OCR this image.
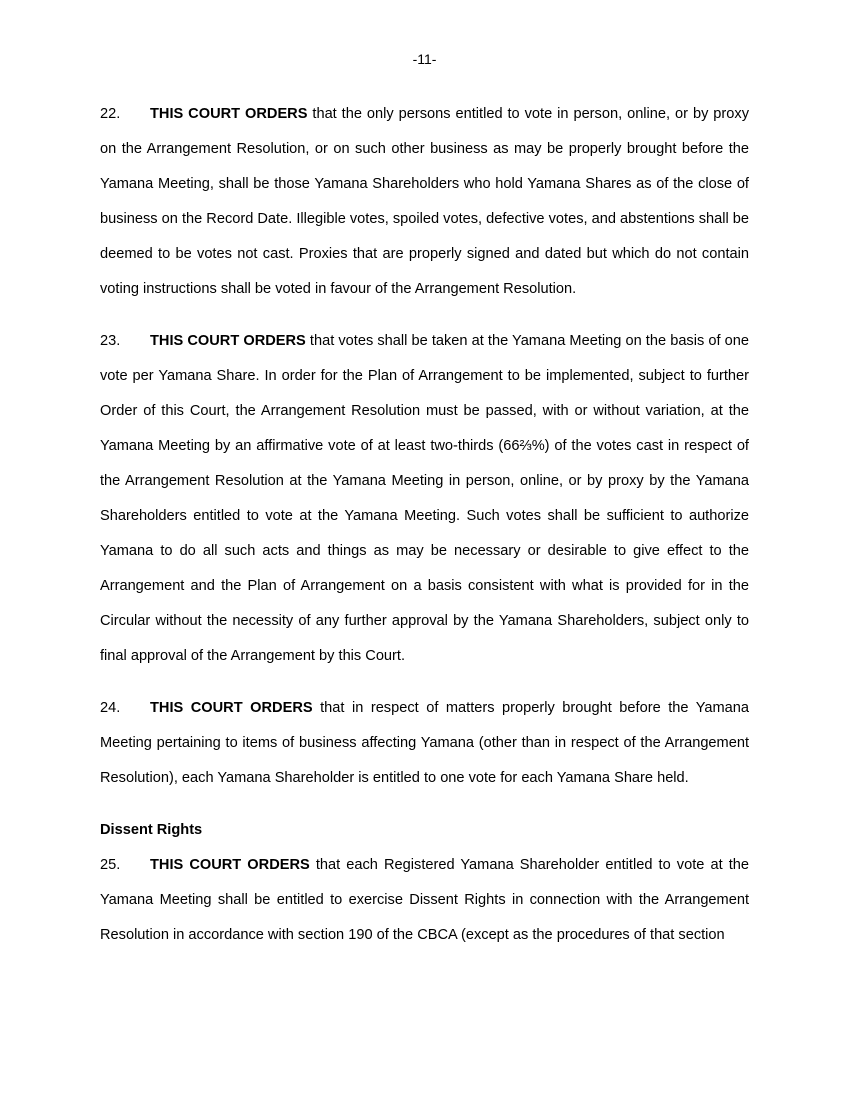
-11-

22. THIS COURT ORDERS that the only persons entitled to vote in person, online, or by proxy on the Arrangement Resolution, or on such other business as may be properly brought before the Yamana Meeting, shall be those Yamana Shareholders who hold Yamana Shares as of the close of business on the Record Date. Illegible votes, spoiled votes, defective votes, and abstentions shall be deemed to be votes not cast. Proxies that are properly signed and dated but which do not contain voting instructions shall be voted in favour of the Arrangement Resolution.

23. THIS COURT ORDERS that votes shall be taken at the Yamana Meeting on the basis of one vote per Yamana Share. In order for the Plan of Arrangement to be implemented, subject to further Order of this Court, the Arrangement Resolution must be passed, with or without variation, at the Yamana Meeting by an affirmative vote of at least two-thirds (66⅔%) of the votes cast in respect of the Arrangement Resolution at the Yamana Meeting in person, online, or by proxy by the Yamana Shareholders entitled to vote at the Yamana Meeting. Such votes shall be sufficient to authorize Yamana to do all such acts and things as may be necessary or desirable to give effect to the Arrangement and the Plan of Arrangement on a basis consistent with what is provided for in the Circular without the necessity of any further approval by the Yamana Shareholders, subject only to final approval of the Arrangement by this Court.

24. THIS COURT ORDERS that in respect of matters properly brought before the Yamana Meeting pertaining to items of business affecting Yamana (other than in respect of the Arrangement Resolution), each Yamana Shareholder is entitled to one vote for each Yamana Share held.

Dissent Rights

25. THIS COURT ORDERS that each Registered Yamana Shareholder entitled to vote at the Yamana Meeting shall be entitled to exercise Dissent Rights in connection with the Arrangement Resolution in accordance with section 190 of the CBCA (except as the procedures of that section
